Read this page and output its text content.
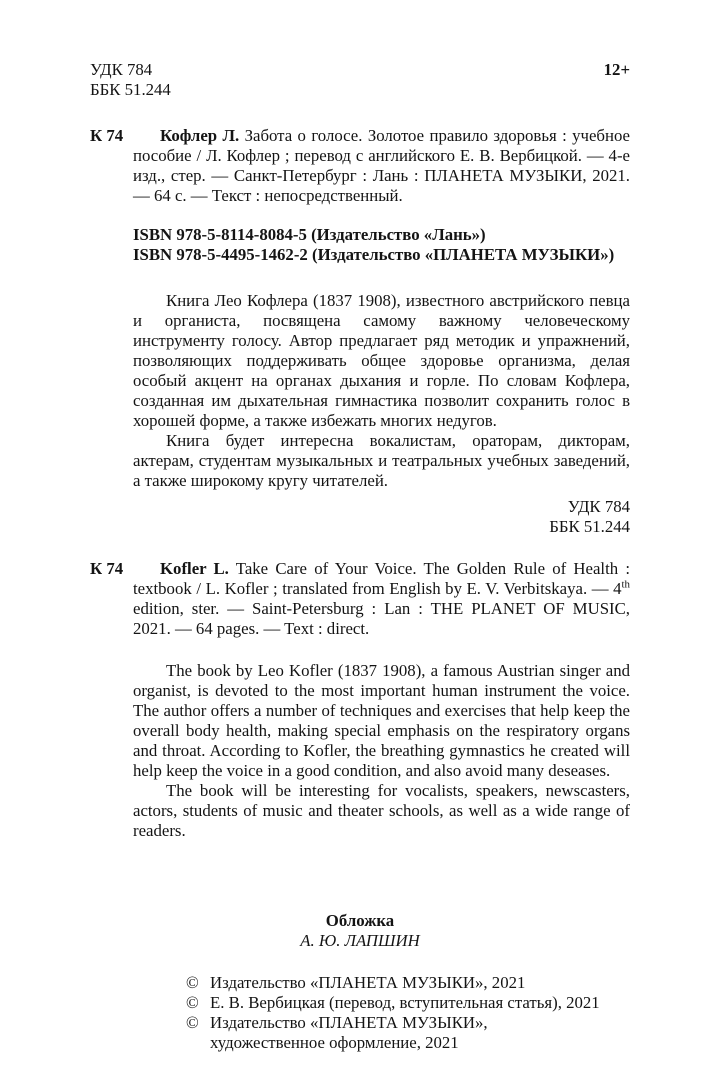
УДК 784
ББК 51.244
12+
К 74	Кофлер Л. Забота о голосе. Золотое правило здоровья : учебное пособие / Л. Кофлер ; перевод с английского Е. В. Вербицкой. — 4-е изд., стер. — Санкт-Петербург : Лань : ПЛАНЕТА МУЗЫКИ, 2021. — 64 с. — Текст : непосредственный.

ISBN 978-5-8114-8084-5 (Издательство «Лань»)
ISBN 978-5-4495-1462-2 (Издательство «ПЛАНЕТА МУЗЫКИ»)

Книга Лео Кофлера (1837 1908), известного австрийского певца и органиста, посвящена самому важному человеческому инструменту голосу. Автор предлагает ряд методик и упражнений, позволяющих поддерживать общее здоровье организма, делая особый акцент на органах дыхания и горле. По словам Кофлера, созданная им дыхательная гимнастика позволит сохранить голос в хорошей форме, а также избежать многих недугов.

Книга будет интересна вокалистам, ораторам, дикторам, актерам, студентам музыкальных и театральных учебных заведений, а также широкому кругу читателей.

УДК 784
ББК 51.244
К 74	Kofler L. Take Care of Your Voice. The Golden Rule of Health : textbook / L. Kofler ; translated from English by E. V. Verbitskaya. — 4th edition, ster. — Saint-Petersburg : Lan : THE PLANET OF MUSIC, 2021. — 64 pages. — Text : direct.

The book by Leo Kofler (1837 1908), a famous Austrian singer and organist, is devoted to the most important human instrument the voice. The author offers a number of techniques and exercises that help keep the overall body health, making special emphasis on the respiratory organs and throat. According to Kofler, the breathing gymnastics he created will help keep the voice in a good condition, and also avoid many deseases.

The book will be interesting for vocalists, speakers, newscasters, actors, students of music and theater schools, as well as a wide range of readers.

Обложка
А. Ю. ЛАПШИН
© Издательство «ПЛАНЕТА МУЗЫКИ», 2021
© Е. В. Вербицкая (перевод, вступительная статья), 2021
© Издательство «ПЛАНЕТА МУЗЫКИ»,
художественное оформление, 2021
